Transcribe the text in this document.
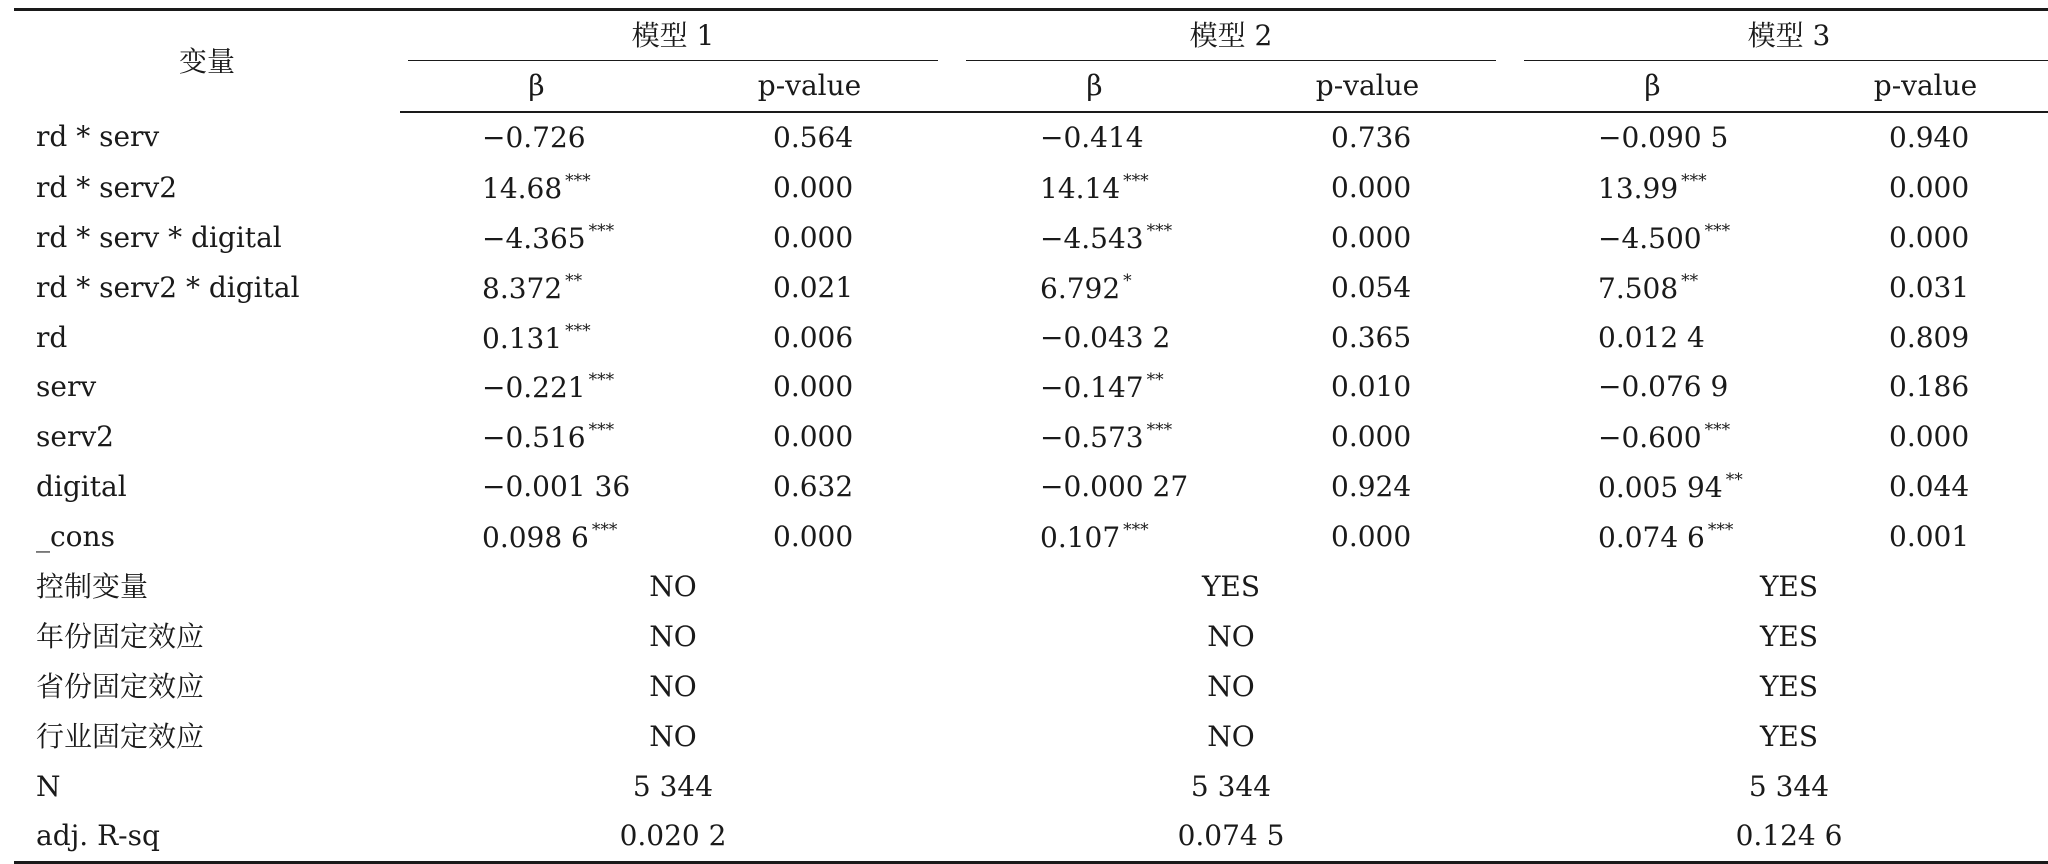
变量	模型 1			模型 2			模型 3	

	β	p-value		β	p-value		β	p-value
rd * serv	−0.726	0.564		−0.414	0.736		−0.090 5	0.940
rd * serv2	14.68 ***	0.000		14.14 ***	0.000		13.99 ***	0.000
rd * serv * digital	−4.365 ***	0.000		−4.543 ***	0.000		−4.500 ***	0.000
rd * serv2 * digital	8.372 **	0.021		6.792 *	0.054		7.508 **	0.031
rd	0.131 ***	0.006		−0.043 2	0.365		0.012 4	0.809
serv	−0.221 ***	0.000		−0.147 **	0.010		−0.076 9	0.186
serv2	−0.516 ***	0.000		−0.573 ***	0.000		−0.600 ***	0.000
digital	−0.001 36	0.632		−0.000 27	0.924		0.005 94 **	0.044
_cons	0.098 6 ***	0.000		0.107 ***	0.000		0.074 6 ***	0.001
控制变量	NO			YES			YES	
年份固定效应	NO			NO			YES	
省份固定效应	NO			NO			YES	
行业固定效应	NO			NO			YES	
N	5 344			5 344			5 344	
adj. R-sq	0.020 2			0.074 5			0.124 6	
